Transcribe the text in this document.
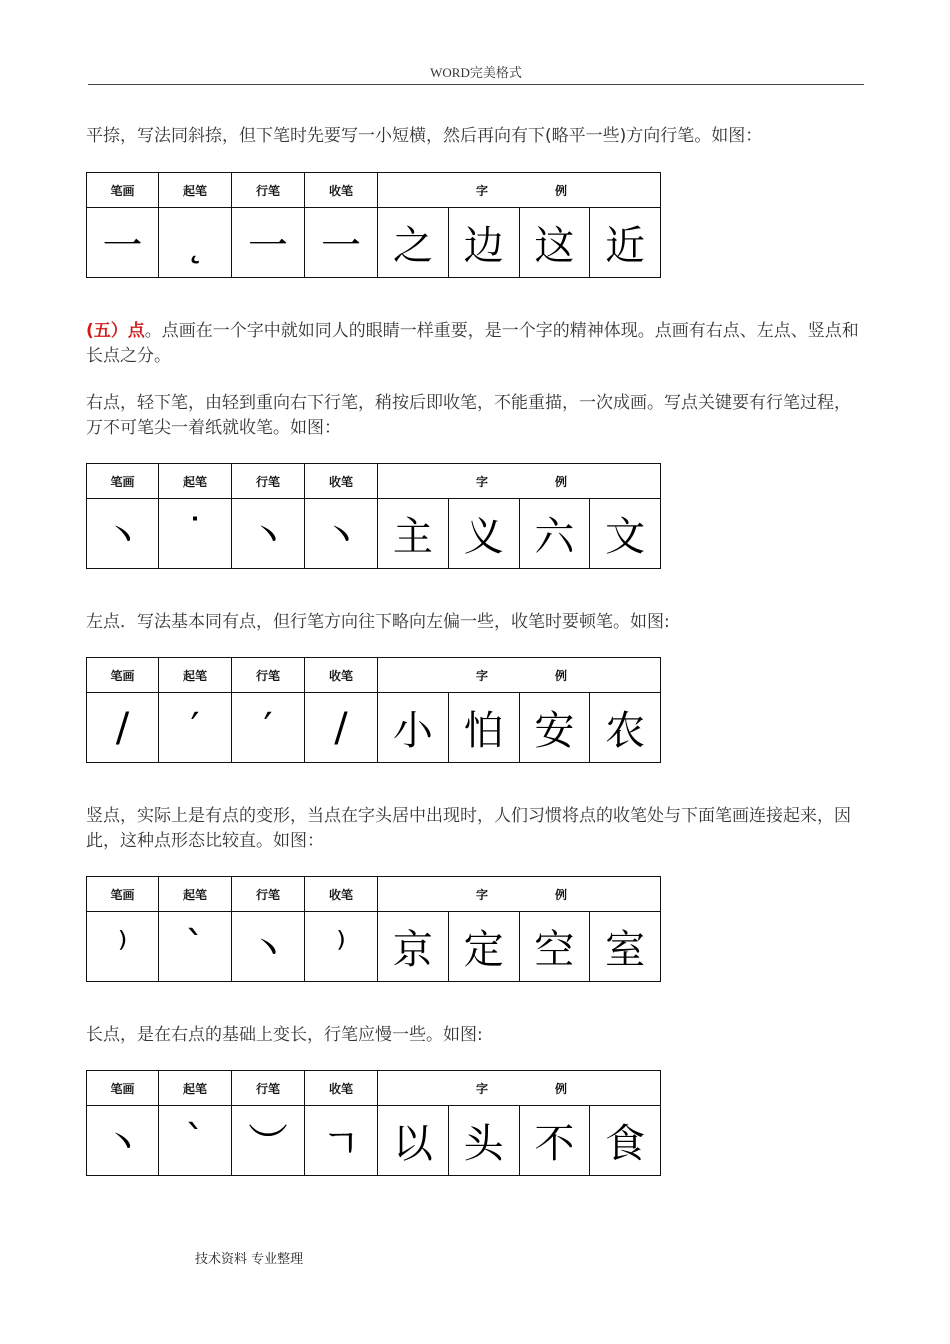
WORD完美格式
平捺，写法同斜捺，但下笔时先要写一小短横，然后再向有下(略平一些)方向行笔。如图：
笔画	起笔	行笔	收笔	字 例			

一	˛	一	一	之	边	这	近
(五）点。点画在一个字中就如同人的眼睛一样重要，是一个字的精神体现。点画有右点、左点、竖点和长点之分。
右点，轻下笔，由轻到重向右下行笔，稍按后即收笔，不能重描，一次成画。写点关键要有行笔过程，万不可笔尖一着纸就收笔。如图：
笔画	起笔	行笔	收笔	字 例			

丶	˙	丶	丶	主	义	六	文
左点．写法基本同有点，但行笔方向往下略向左偏一些，收笔时要顿笔。如图:
笔画	起笔	行笔	收笔	字 例			

/	′	′	/	小	怕	安	农
竖点，实际上是有点的变形，当点在字头居中出现时，人们习惯将点的收笔处与下面笔画连接起来，因此，这种点形态比较直。如图：
笔画	起笔	行笔	收笔	字 例			

⁾	ˋ	丶	⁾	京	定	空	室
长点，是在右点的基础上变长，行笔应慢一些。如图:
笔画	起笔	行笔	收笔	字 例			

丶	ˋ	︶	ㄱ	以	头	不	食
技术资料 专业整理
